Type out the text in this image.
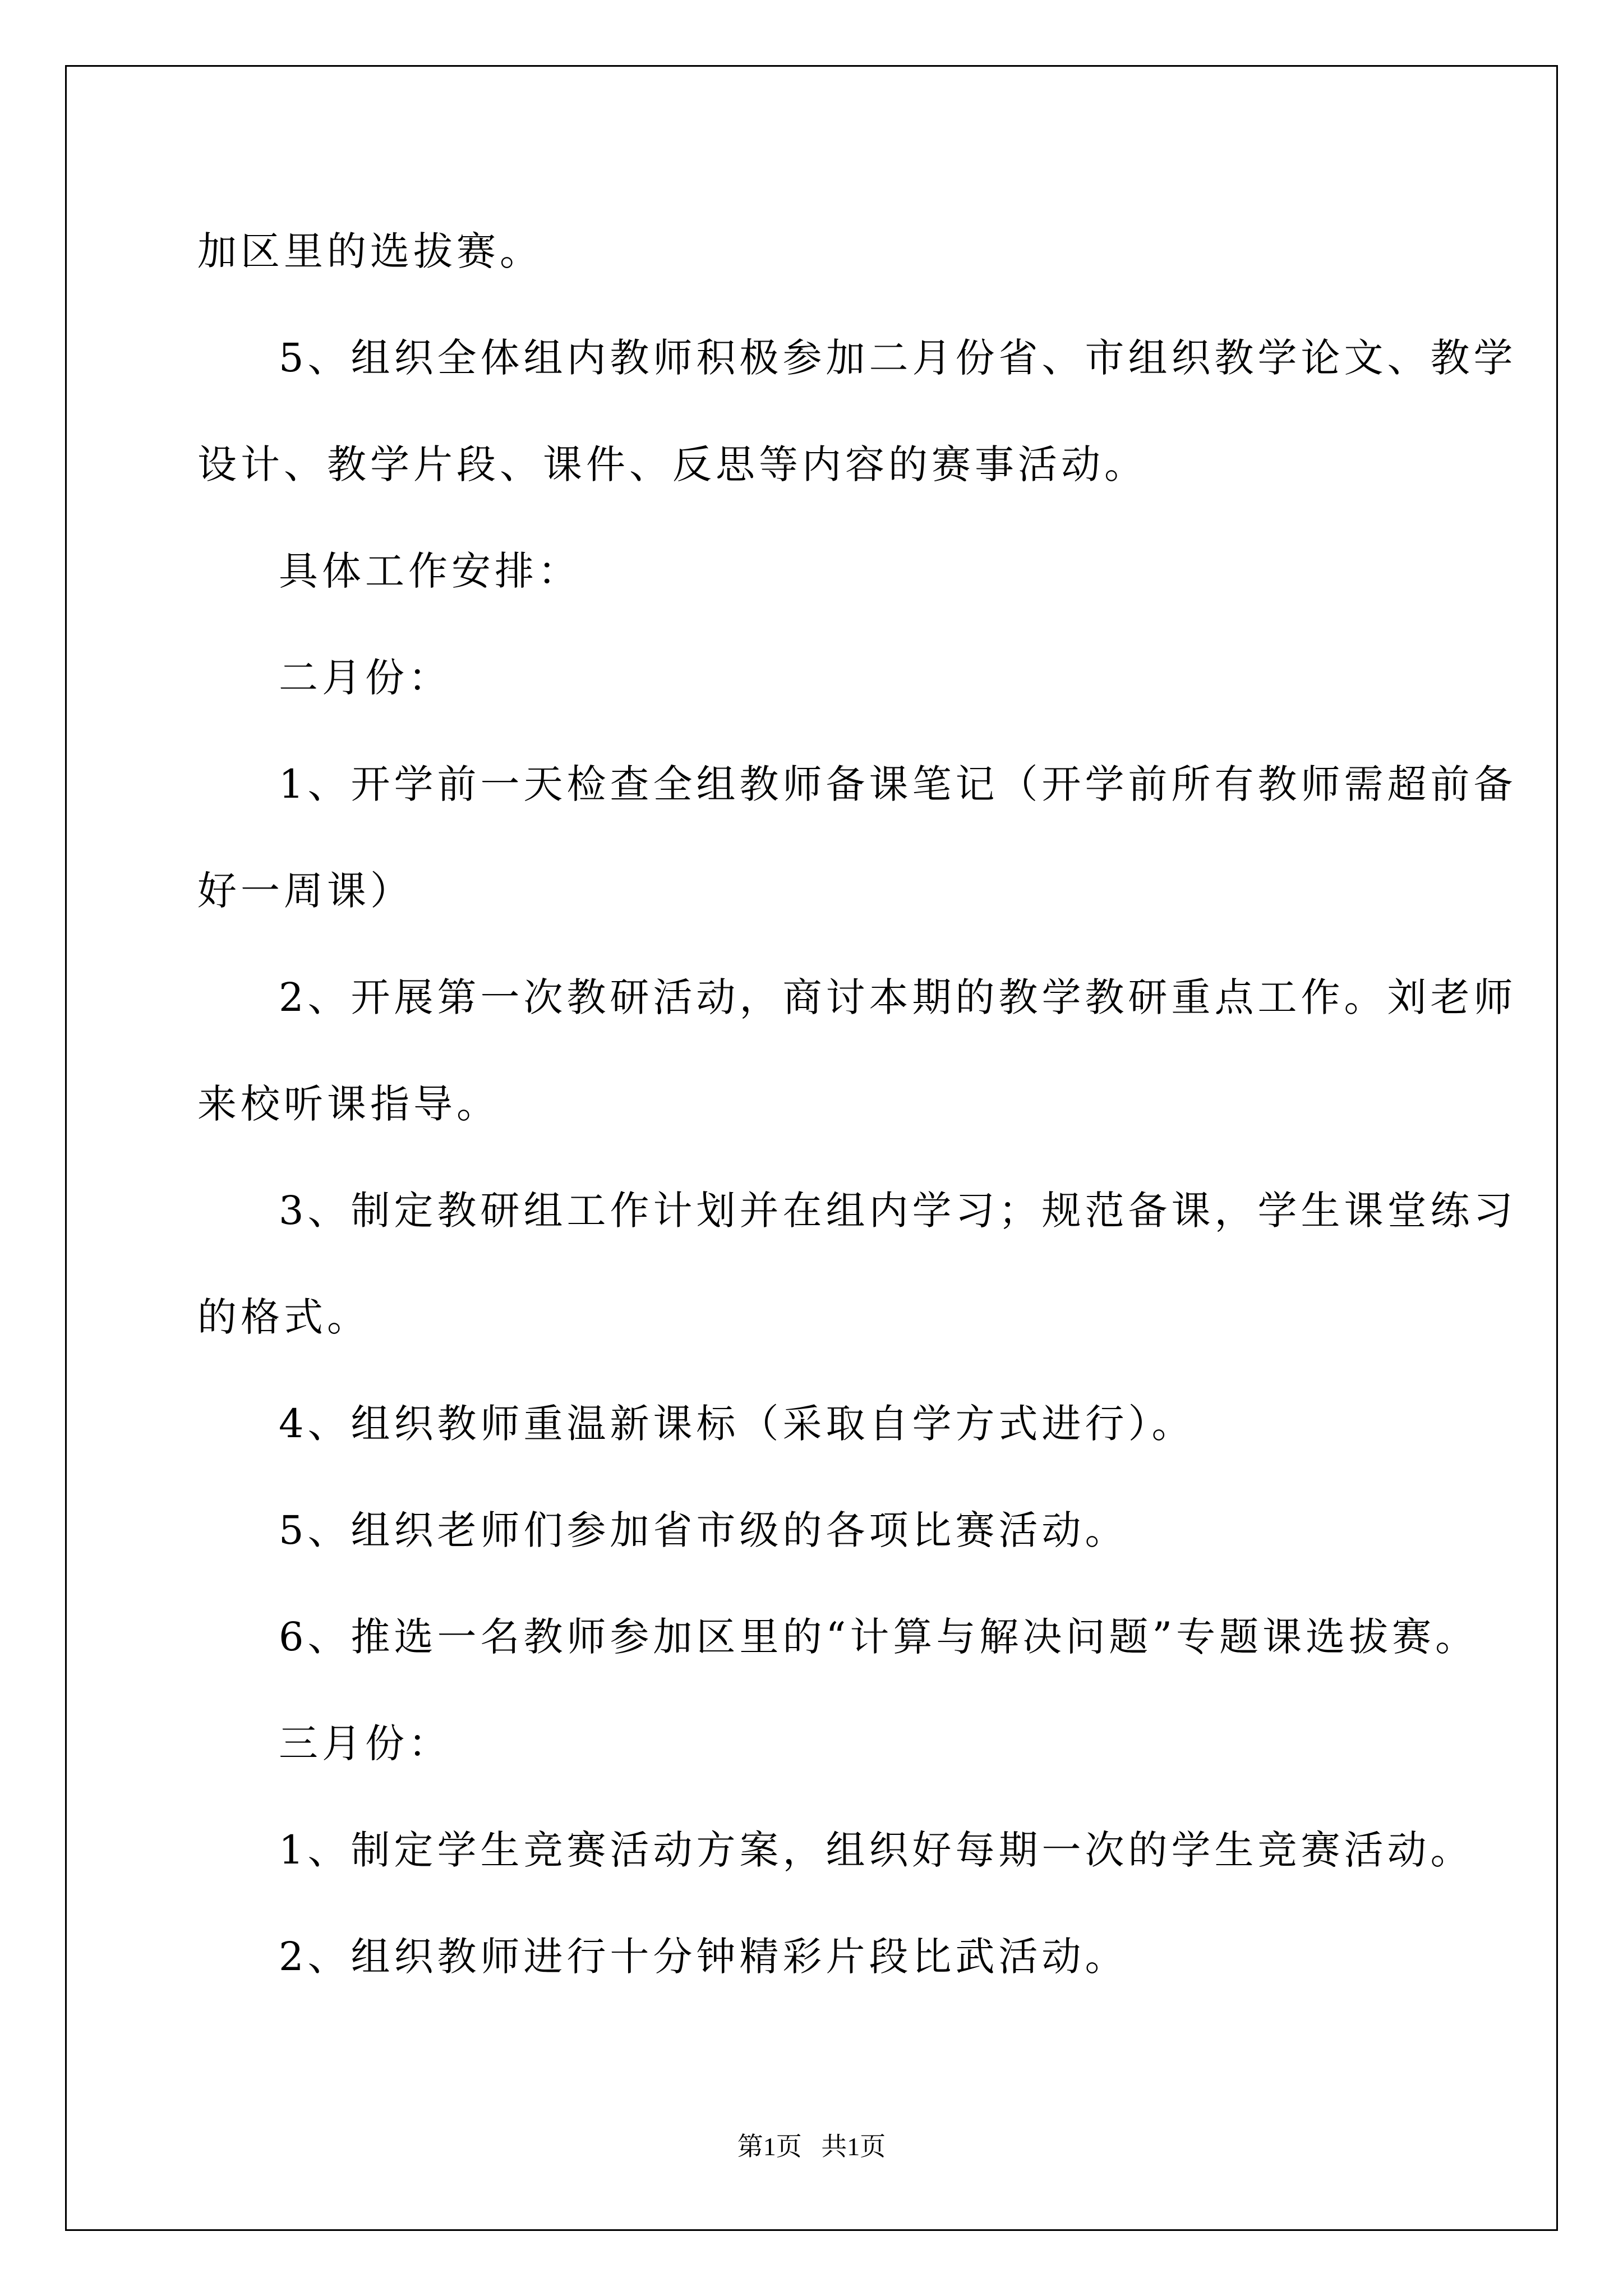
加区里的选拔赛。
5、组织全体组内教师积极参加二月份省、市组织教学论文、教学
设计、教学片段、课件、反思等内容的赛事活动。
具体工作安排：
二月份：
1、开学前一天检查全组教师备课笔记（开学前所有教师需超前备
好一周课）
2、开展第一次教研活动，商讨本期的教学教研重点工作。刘老师
来校听课指导。
3、制定教研组工作计划并在组内学习；规范备课，学生课堂练习
的格式。
4、组织教师重温新课标（采取自学方式进行）。
5、组织老师们参加省市级的各项比赛活动。
6、推选一名教师参加区里的“计算与解决问题”专题课选拔赛。
三月份：
1、制定学生竞赛活动方案，组织好每期一次的学生竞赛活动。
2、组织教师进行十分钟精彩片段比武活动。
第1页   共1页
